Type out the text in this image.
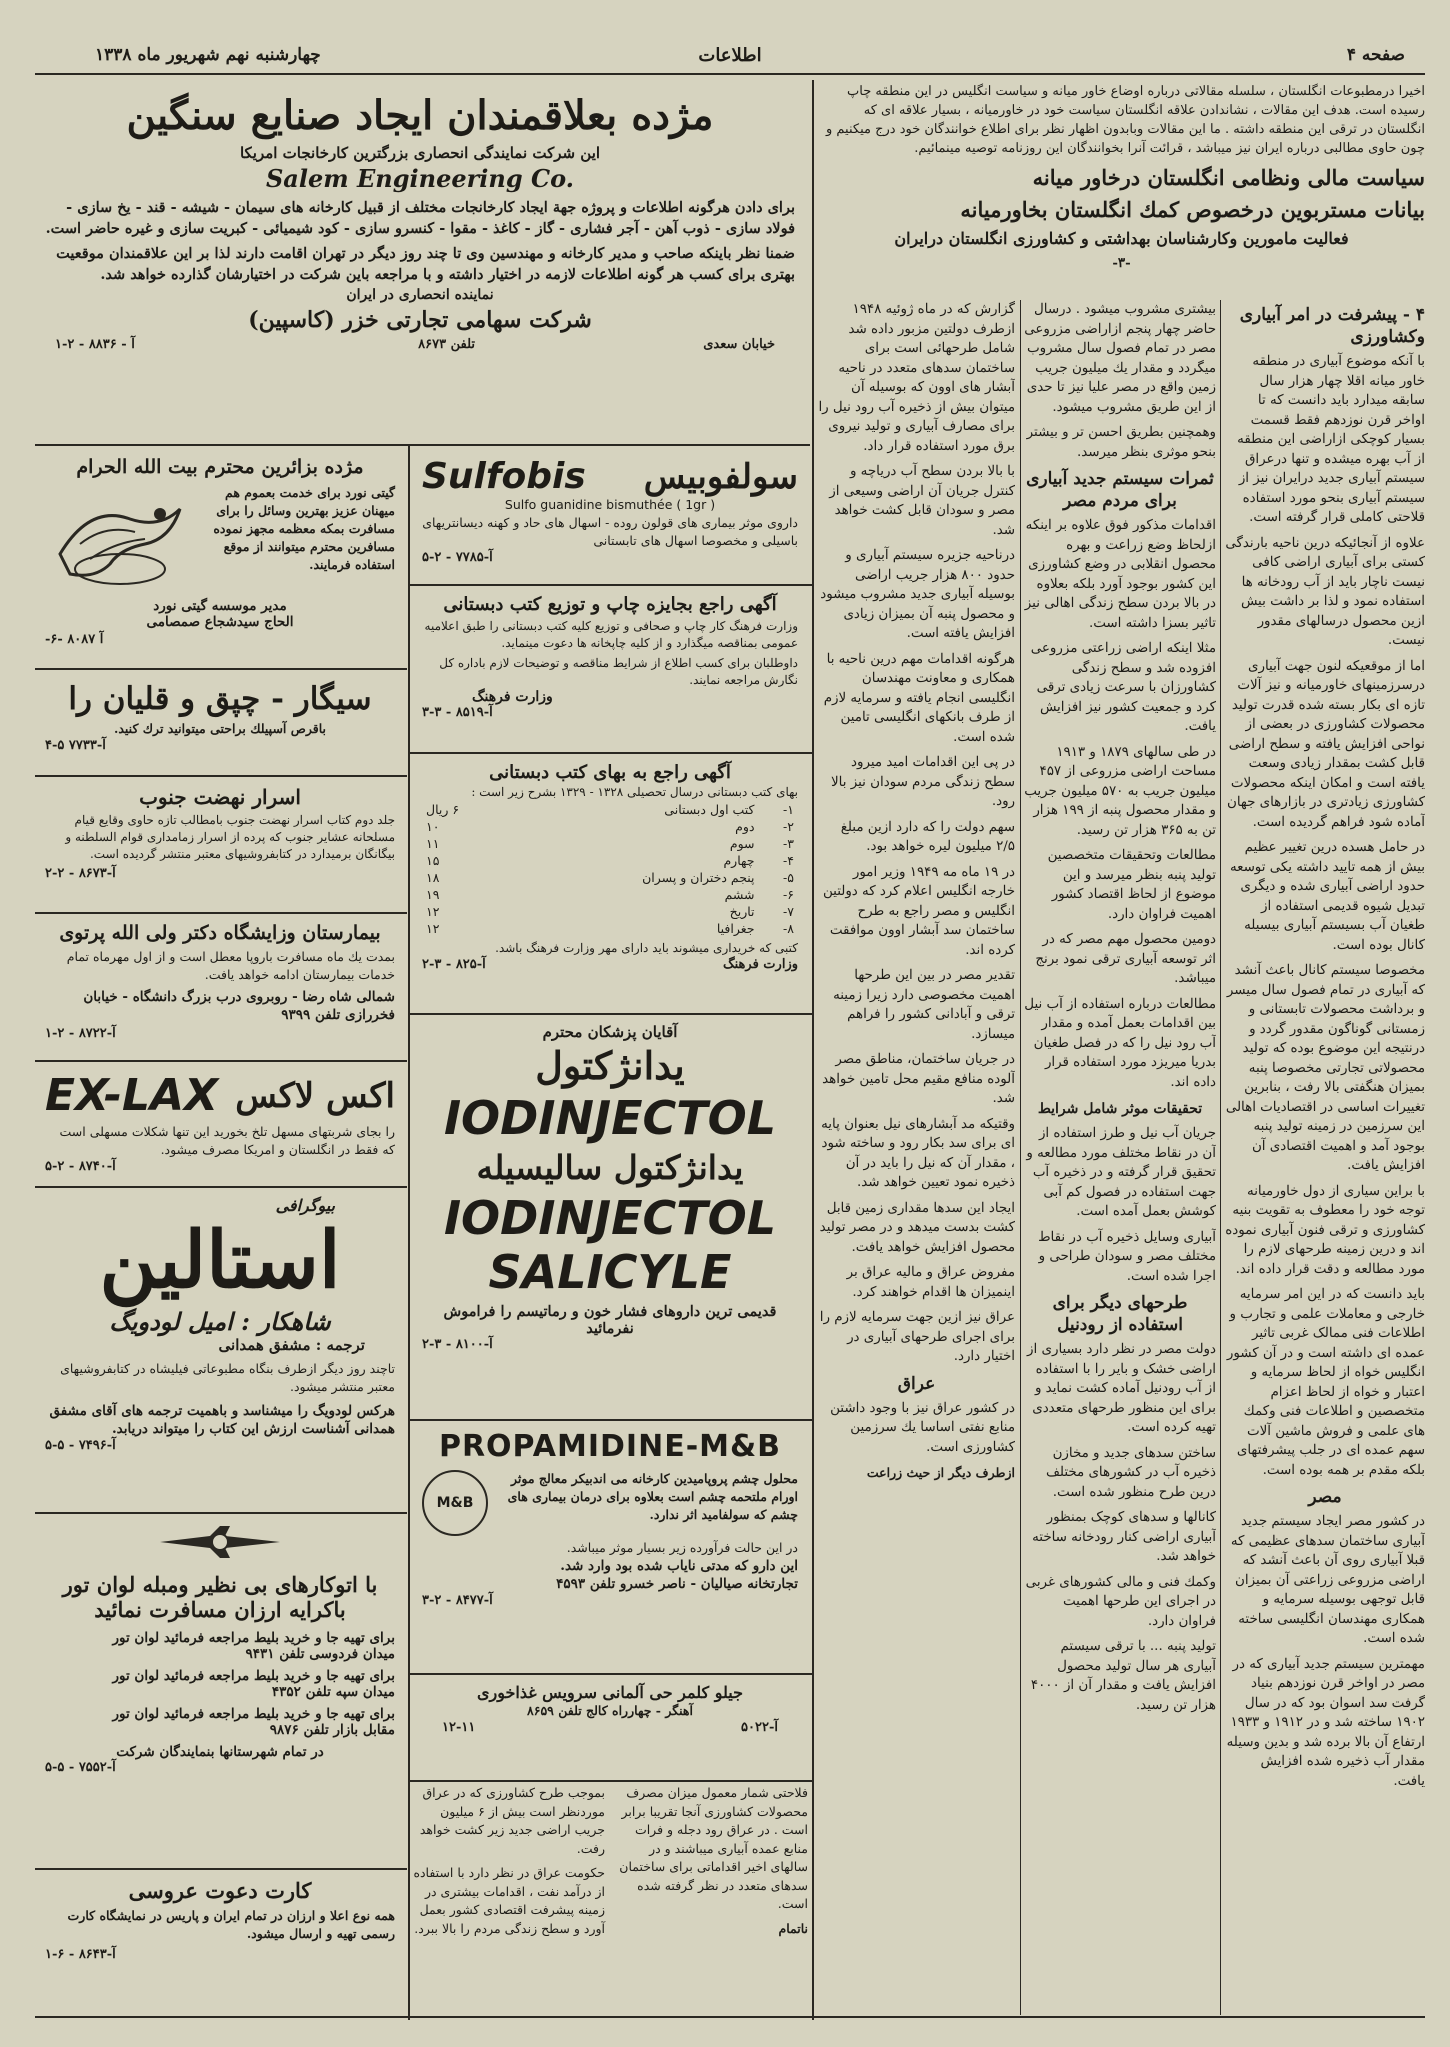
صفحه ۴
اطلاعات
چهارشنبه نهم شهریور ماه ۱۳۳۸
مژده بعلاقمندان ایجاد صنایع سنگین
این شرکت نمایندگی انحصاری بزرگترین کارخانجات امریکا
Salem Engineering Co.
برای دادن هرگونه اطلاعات و پروژه جهة ایجاد کارخانجات مختلف از قبیل کارخانه های سیمان - شیشه - قند - یخ سازی - فولاد سازی - ذوب آهن - آجر فشاری - گاز - کاغذ - مقوا - کنسرو سازی - کود شیمیائی - کبریت سازی و غیره حاضر است.
ضمنا نظر باینکه صاحب و مدیر کارخانه و مهندسین وی تا چند روز دیگر در تهران اقامت دارند لذا بر این علاقمندان موقعیت بهتری برای کسب هر گونه اطلاعات لازمه در اختیار داشته و با مراجعه باین شرکت در اختیارشان گذارده خواهد شد.
نماینده انحصاری در ایران
شرکت سهامی تجارتی خزر (کاسپین)
خیابان سعدی
تلفن ۸۶۷۳
آ - ۸۸۳۶ - ۲-۱
مژده بزائرین محترم بیت الله الحرام
گیتی نورد برای خدمت بعموم هم میهنان عزیز بهترین وسائل را برای مسافرت بمکه معظمه مجهز نموده مسافرین محترم میتوانند از موقع استفاده فرمایند.
مدیر موسسه گیتی نورد
الحاج سیدشجاع صمصامی
آ ۸۰۸۷ -۶-
سیگار - چپق و قلیان را
باقرص آسپیلك براحتی میتوانید ترك کنید.
آ-۷۷۳۳ ۵-۴
اسرار نهضت جنوب
جلد دوم کتاب اسرار نهضت جنوب بامطالب تازه حاوی وقایع قیام مسلحانه عشایر جنوب که پرده از اسرار زمامداری قوام السلطنه و بیگانگان برمیدارد در کتابفروشیهای معتبر منتشر گردیده است.
آ-۸۶۷۳ - ۲-۲
بیمارستان وزایشگاه دکتر ولی الله پرتوی
بمدت یك ماه مسافرت باروپا معطل است و از اول مهرماه تمام خدمات بیمارستان ادامه خواهد یافت.
شمالی شاه رضا - روبروی درب بزرگ دانشگاه - خیابان فخررازی تلفن ۹۳۹۹
آ-۸۷۲۲ - ۲-۱
اکس لاکس
EX-LAX
را بجای شربتهای مسهل تلخ بخورید این تنها شکلات مسهلی است که فقط در انگلستان و امریکا مصرف میشود.
آ-۸۷۴۰ - ۲-۵
بیوگرافی
استالین
شاهکار : امیل لودویگ
ترجمه : مشفق همدانی
تاچند روز دیگر ازطرف بنگاه مطبوعاتی فیلیشاه در کتابفروشیهای معتبر منتشر میشود.
هرکس لودویگ را میشناسد و باهمیت ترجمه های آقای مشفق همدانی آشناست ارزش این کتاب را میتواند دریابد.
آ-۷۴۹۶ - ۵-۵
با اتوکارهای بی نظیر ومبله لوان تور
باکرایه ارزان مسافرت نمائید
برای تهیه جا و خرید بلیط مراجعه فرمائید لوان تور
میدان فردوسی تلفن ۹۴۳۱
برای تهیه جا و خرید بلیط مراجعه فرمائید لوان تور
میدان سپه تلفن ۴۳۵۲
برای تهیه جا و خرید بلیط مراجعه فرمائید لوان تور
مقابل بازار تلفن ۹۸۷۶
در تمام شهرستانها بنمایندگان شرکت
آ-۷۵۵۲ - ۵-۵
کارت دعوت عروسی
همه نوع اعلا و ارزان در تمام ایران و پاریس در نمایشگاه کارت رسمی تهیه و ارسال میشود.
آ-۸۶۴۳ - ۶-۱
سولفوبیس
Sulfobis
Sulfo guanidine bismuthée ( 1gr )
داروی موثر بیماری های قولون روده - اسهال های حاد و کهنه دیسانتریهای باسیلی و مخصوصا اسهال های تابستانی
آ-۷۷۸۵ - ۲-۵
آگهی راجع بجایزه چاپ و توزیع کتب دبستانی
وزارت فرهنگ کار چاپ و صحافی و توزیع کلیه کتب دبستانی را طبق اعلامیه عمومی بمناقصه میگذارد و از کلیه چاپخانه ها دعوت مینماید.
داوطلبان برای کسب اطلاع از شرایط مناقصه و توضیحات لازم باداره کل نگارش مراجعه نمایند.
وزارت فرهنگ
آ-۸۵۱۹ - ۳-۳
آگهی راجع به بهای کتب دبستانی
بهای کتب دبستانی درسال تحصیلی ۱۳۲۸ - ۱۳۲۹ بشرح زیر است :
۱-	کتب اول دبستانی	۶ ریال
۲-	دوم	۱۰
۳-	سوم	۱۱
۴-	چهارم	۱۵
۵-	پنجم دختران و پسران	۱۸
۶-	ششم	۱۹
۷-	تاریخ	۱۲
۸-	جغرافیا	۱۲
کتبی که خریداری میشوند باید دارای مهر وزارت فرهنگ باشد.
وزارت فرهنگ
آ-۸۲۵ - ۳-۲
آقایان پزشکان محترم
یدانژکتول
IODINJECTOL
یدانژکتول سالیسیله
IODINJECTOL
SALICYLE
قدیمی ترین داروهای فشار خون و رماتیسم را فراموش نفرمائید
آ-۸۱۰۰ - ۳-۲
PROPAMIDINE-M&B
محلول چشم پروپامیدین کارخانه می اندبیکر معالج موثر اورام ملتحمه چشم است بعلاوه برای درمان بیماری های چشم که سولفامید اثر ندارد.
M&B
در این حالت فرآورده زیر بسیار موثر میباشد.
این دارو که مدتی نایاب شده بود وارد شد.
تجارتخانه صیالیان - ناصر خسرو تلفن ۴۵۹۳
آ-۸۴۷۷ - ۲-۳
جیلو کلمر حی آلمانی سرویس غذاخوری
آهنگر - چهارراه کالج تلفن ۸۶۵۹
آ-۵۰۲۲
۱۲-۱۱

فلاحتی شمار معمول میزان مصرف محصولات کشاورزی آنجا تقریبا برابر است . در عراق رود دجله و فرات منابع عمده آبیاری میباشند و در سالهای اخیر اقداماتی برای ساختمان سدهای متعدد در نظر گرفته شده است.

ناتمام

بموجب طرح کشاورزی که در عراق موردنظر است بیش از ۶ میلیون جریب اراضی جدید زیر کشت خواهد رفت.

حکومت عراق در نظر دارد با استفاده از درآمد نفت ، اقدامات بیشتری در زمینه پیشرفت اقتصادی کشور بعمل آورد و سطح زندگی مردم را بالا ببرد.

اخیرا درمطبوعات انگلستان ، سلسله مقالاتی درباره اوضاع خاور میانه و سیاست انگلیس در این منطقه چاپ رسیده است. هدف این مقالات ، نشاندادن علاقه انگلستان سیاست خود در خاورمیانه ، بسیار علاقه ای که انگلستان در ترقی این منطقه داشته . ما این مقالات وبابدون اظهار نظر برای اطلاع خوانندگان خود درج میکنیم و چون حاوی مطالبی درباره ایران نیز میباشد ، قرائت آنرا بخوانندگان این روزنامه توصیه مینمائیم.
سیاست مالی ونظامی انگلستان درخاور میانه
بیانات مستربوین درخصوص کمك انگلستان بخاورمیانه
فعالیت مامورین وکارشناسان بهداشتی و کشاورزی انگلستان درایران
-۳-
۴ - پیشرفت در امر آبیاری وکشاورزی

با آنکه موضوع آبیاری در منطقه خاور میانه اقلا چهار هزار سال سابقه میدارد باید دانست که تا اواخر قرن نوزدهم فقط قسمت بسیار کوچکی ازاراضی این منطقه از آب بهره میشده و تنها درعراق سیستم آبیاری جدید درایران نیز از سیستم آبیاری بنحو مورد استفاده قلاحتی کاملی قرار گرفته است.

علاوه از آنجائیکه درین ناحیه بارندگی کستی برای آبیاری اراضی کافی نیست ناچار باید از آب رودخانه ها استفاده نمود و لذا بر داشت بیش ازین محصول درسالهای مقدور نیست.

اما از موقعیکه لنون جهت آبیاری درسرزمینهای خاورمیانه و نیز آلات تازه ای بکار بسته شده قدرت تولید محصولات کشاورزی در بعضی از نواحی افزایش یافته و سطح اراضی قابل کشت بمقدار زیادی وسعت یافته است و امکان اینکه محصولات کشاورزی زیادتری در بازارهای جهان آماده شود فراهم گردیده است.

در حامل هسده درین تغییر عظیم بیش از همه تایید داشته یکی توسعه حدود اراضی آبیاری شده و دیگری تبدیل شیوه قدیمی استفاده از طغیان آب بسیستم آبیاری بیسیله کانال بوده است.

مخصوصا سیستم کانال باعث آنشد که آبیاری در تمام فصول سال میسر و برداشت محصولات تابستانی و زمستانی گوناگون مقدور گردد و درنتیجه این موضوع بوده که تولید محصولاتی تجارتی مخصوصا پنبه بمیزان هنگفتی بالا رفت ، بنابرین تغییرات اساسی در اقتصادیات اهالی این سرزمین در زمینه تولید پنبه بوجود آمد و اهمیت اقتصادی آن افزایش یافت.

با براین سیاری از دول خاورمیانه توجه خود را معطوف به تقویت بنیه کشاورزی و ترقی فنون آبیاری نموده اند و درین زمینه طرحهای لازم را مورد مطالعه و دقت قرار داده اند.

باید دانست که در این امر سرمایه خارجی و معاملات علمی و تجارب و اطلاعات فنی ممالک غربی تاثیر عمده ای داشته است و در آن کشور انگلیس خواه از لحاظ سرمایه و اعتبار و خواه از لحاظ اعزام متخصصین و اطلاعات فنی وکمك های علمی و فروش ماشین آلات سهم عمده ای در جلب پیشرفتهای بلکه مقدم بر همه بوده است.

مصر

در کشور مصر ایجاد سیستم جدید آبیاری ساختمان سدهای عظیمی که قبلا آبیاری روی آن باعث آنشد که اراضی مزروعی زراعتی آن بمیزان قابل توجهی بوسیله سرمایه و همکاری مهندسان انگلیسی ساخته شده است.

مهمترین سیستم جدید آبیاری که در مصر در اواخر قرن نوزدهم بنیاد گرفت سد اسوان بود که در سال ۱۹۰۲ ساخته شد و در ۱۹۱۲ و ۱۹۳۳ ارتفاع آن بالا برده شد و بدین وسیله مقدار آب ذخیره شده افزایش یافت.

بیشتری مشروب میشود . درسال حاضر چهار پنجم ازاراضی مزروعی مصر در تمام فصول سال مشروب میگردد و مقدار یك میلیون جریب زمین واقع در مصر علیا نیز تا حدی از این طریق مشروب میشود.

وهمچنین بطریق احسن تر و بیشتر بنحو موثری بنظر میرسد.

ثمرات سیستم جدید آبیاری برای مردم مصر

اقدامات مذکور فوق علاوه بر اینکه ازلحاظ وضع زراعت و بهره محصول انقلابی در وضع کشاورزی این کشور بوجود آورد بلکه بعلاوه در بالا بردن سطح زندگی اهالی نیز تاثیر بسزا داشته است.

مثلا اینکه اراضی زراعتی مزروعی افزوده شد و سطح زندگی کشاورزان با سرعت زیادی ترقی کرد و جمعیت کشور نیز افزایش یافت.

در طی سالهای ۱۸۷۹ و ۱۹۱۳ مساحت اراضی مزروعی از ۴۵۷ میلیون جریب به ۵۷۰ میلیون جریب و مقدار محصول پنبه از ۱۹۹ هزار تن به ۳۶۵ هزار تن رسید.

مطالعات وتحقیقات متخصصین تولید پنبه بنظر میرسد و این موضوع از لحاظ اقتصاد کشور اهمیت فراوان دارد.

دومین محصول مهم مصر که در اثر توسعه آبیاری ترقی نمود برنج میباشد.

مطالعات درباره استفاده از آب نیل بین اقدامات بعمل آمده و مقدار آب رود نیل را که در فصل طغیان بدریا میریزد مورد استفاده قرار داده اند.

تحقیقات موثر شامل شرایط

جریان آب نیل و طرز استفاده از آن در نقاط مختلف مورد مطالعه و تحقیق قرار گرفته و در ذخیره آب جهت استفاده در فصول کم آبی کوشش بعمل آمده است.

آبیاری وسایل ذخیره آب در نقاط مختلف مصر و سودان طراحی و اجرا شده است.

طرحهای دیگر برای استفاده از رودنیل

دولت مصر در نظر دارد بسیاری از اراضی خشک و بایر را با استفاده از آب رودنیل آماده کشت نماید و برای این منظور طرحهای متعددی تهیه کرده است.

ساختن سدهای جدید و مخازن ذخیره آب در کشورهای مختلف درین طرح منظور شده است.

کانالها و سدهای کوچک بمنظور آبیاری اراضی کنار رودخانه ساخته خواهد شد.

وکمك فنی و مالی کشورهای غربی در اجرای این طرحها اهمیت فراوان دارد.

تولید پنبه ... با ترقی سیستم آبیاری هر سال تولید محصول افزایش یافت و مقدار آن از ۴۰۰۰ هزار تن رسید.

گزارش که در ماه ژوئیه ۱۹۴۸ ازطرف دولتین مزبور داده شد شامل طرحهائی است برای ساختمان سدهای متعدد در ناحیه آبشار های اوون که بوسیله آن میتوان بیش از ذخیره آب رود نیل را برای مصارف آبیاری و تولید نیروی برق مورد استفاده قرار داد.

با بالا بردن سطح آب دریاچه و کنترل جریان آن اراضی وسیعی از مصر و سودان قابل کشت خواهد شد.

درناحیه جزیره سیستم آبیاری و حدود ۸۰۰ هزار جریب اراضی بوسیله آبیاری جدید مشروب میشود و محصول پنبه آن بمیزان زیادی افزایش یافته است.

هرگونه اقدامات مهم درین ناحیه با همکاری و معاونت مهندسان انگلیسی انجام یافته و سرمایه لازم از طرف بانکهای انگلیسی تامین شده است.

در پی این اقدامات امید میرود سطح زندگی مردم سودان نیز بالا رود.

سهم دولت را که دارد ازین مبلغ ۲/۵ میلیون لیره خواهد بود.

در ۱۹ ماه مه ۱۹۴۹ وزیر امور خارجه انگلیس اعلام کرد که دولتین انگلیس و مصر راجع به طرح ساختمان سد آبشار اوون موافقت کرده اند.

تقدیر مصر در بین این طرحها اهمیت مخصوصی دارد زیرا زمینه ترقی و آبادانی کشور را فراهم میسازد.

در جریان ساختمان، مناطق مصر آلوده منافع مقیم محل تامین خواهد شد.

وقتیکه مد آبشارهای نیل بعنوان پایه ای برای سد بکار رود و ساخته شود ، مقدار آن که نیل را باید در آن ذخیره نمود تعیین خواهد شد.

ایجاد این سدها مقداری زمین قابل کشت بدست میدهد و در مصر تولید محصول افزایش خواهد یافت.

مفروض عراق و مالیه عراق بر اینمیزان ها اقدام خواهند کرد.

عراق نیز ازین جهت سرمایه لازم را برای اجرای طرحهای آبیاری در اختیار دارد.

عراق

در کشور عراق نیز با وجود داشتن منابع نفتی اساسا یك سرزمین کشاورزی است.

ازطرف دیگر از حیث زراعت
